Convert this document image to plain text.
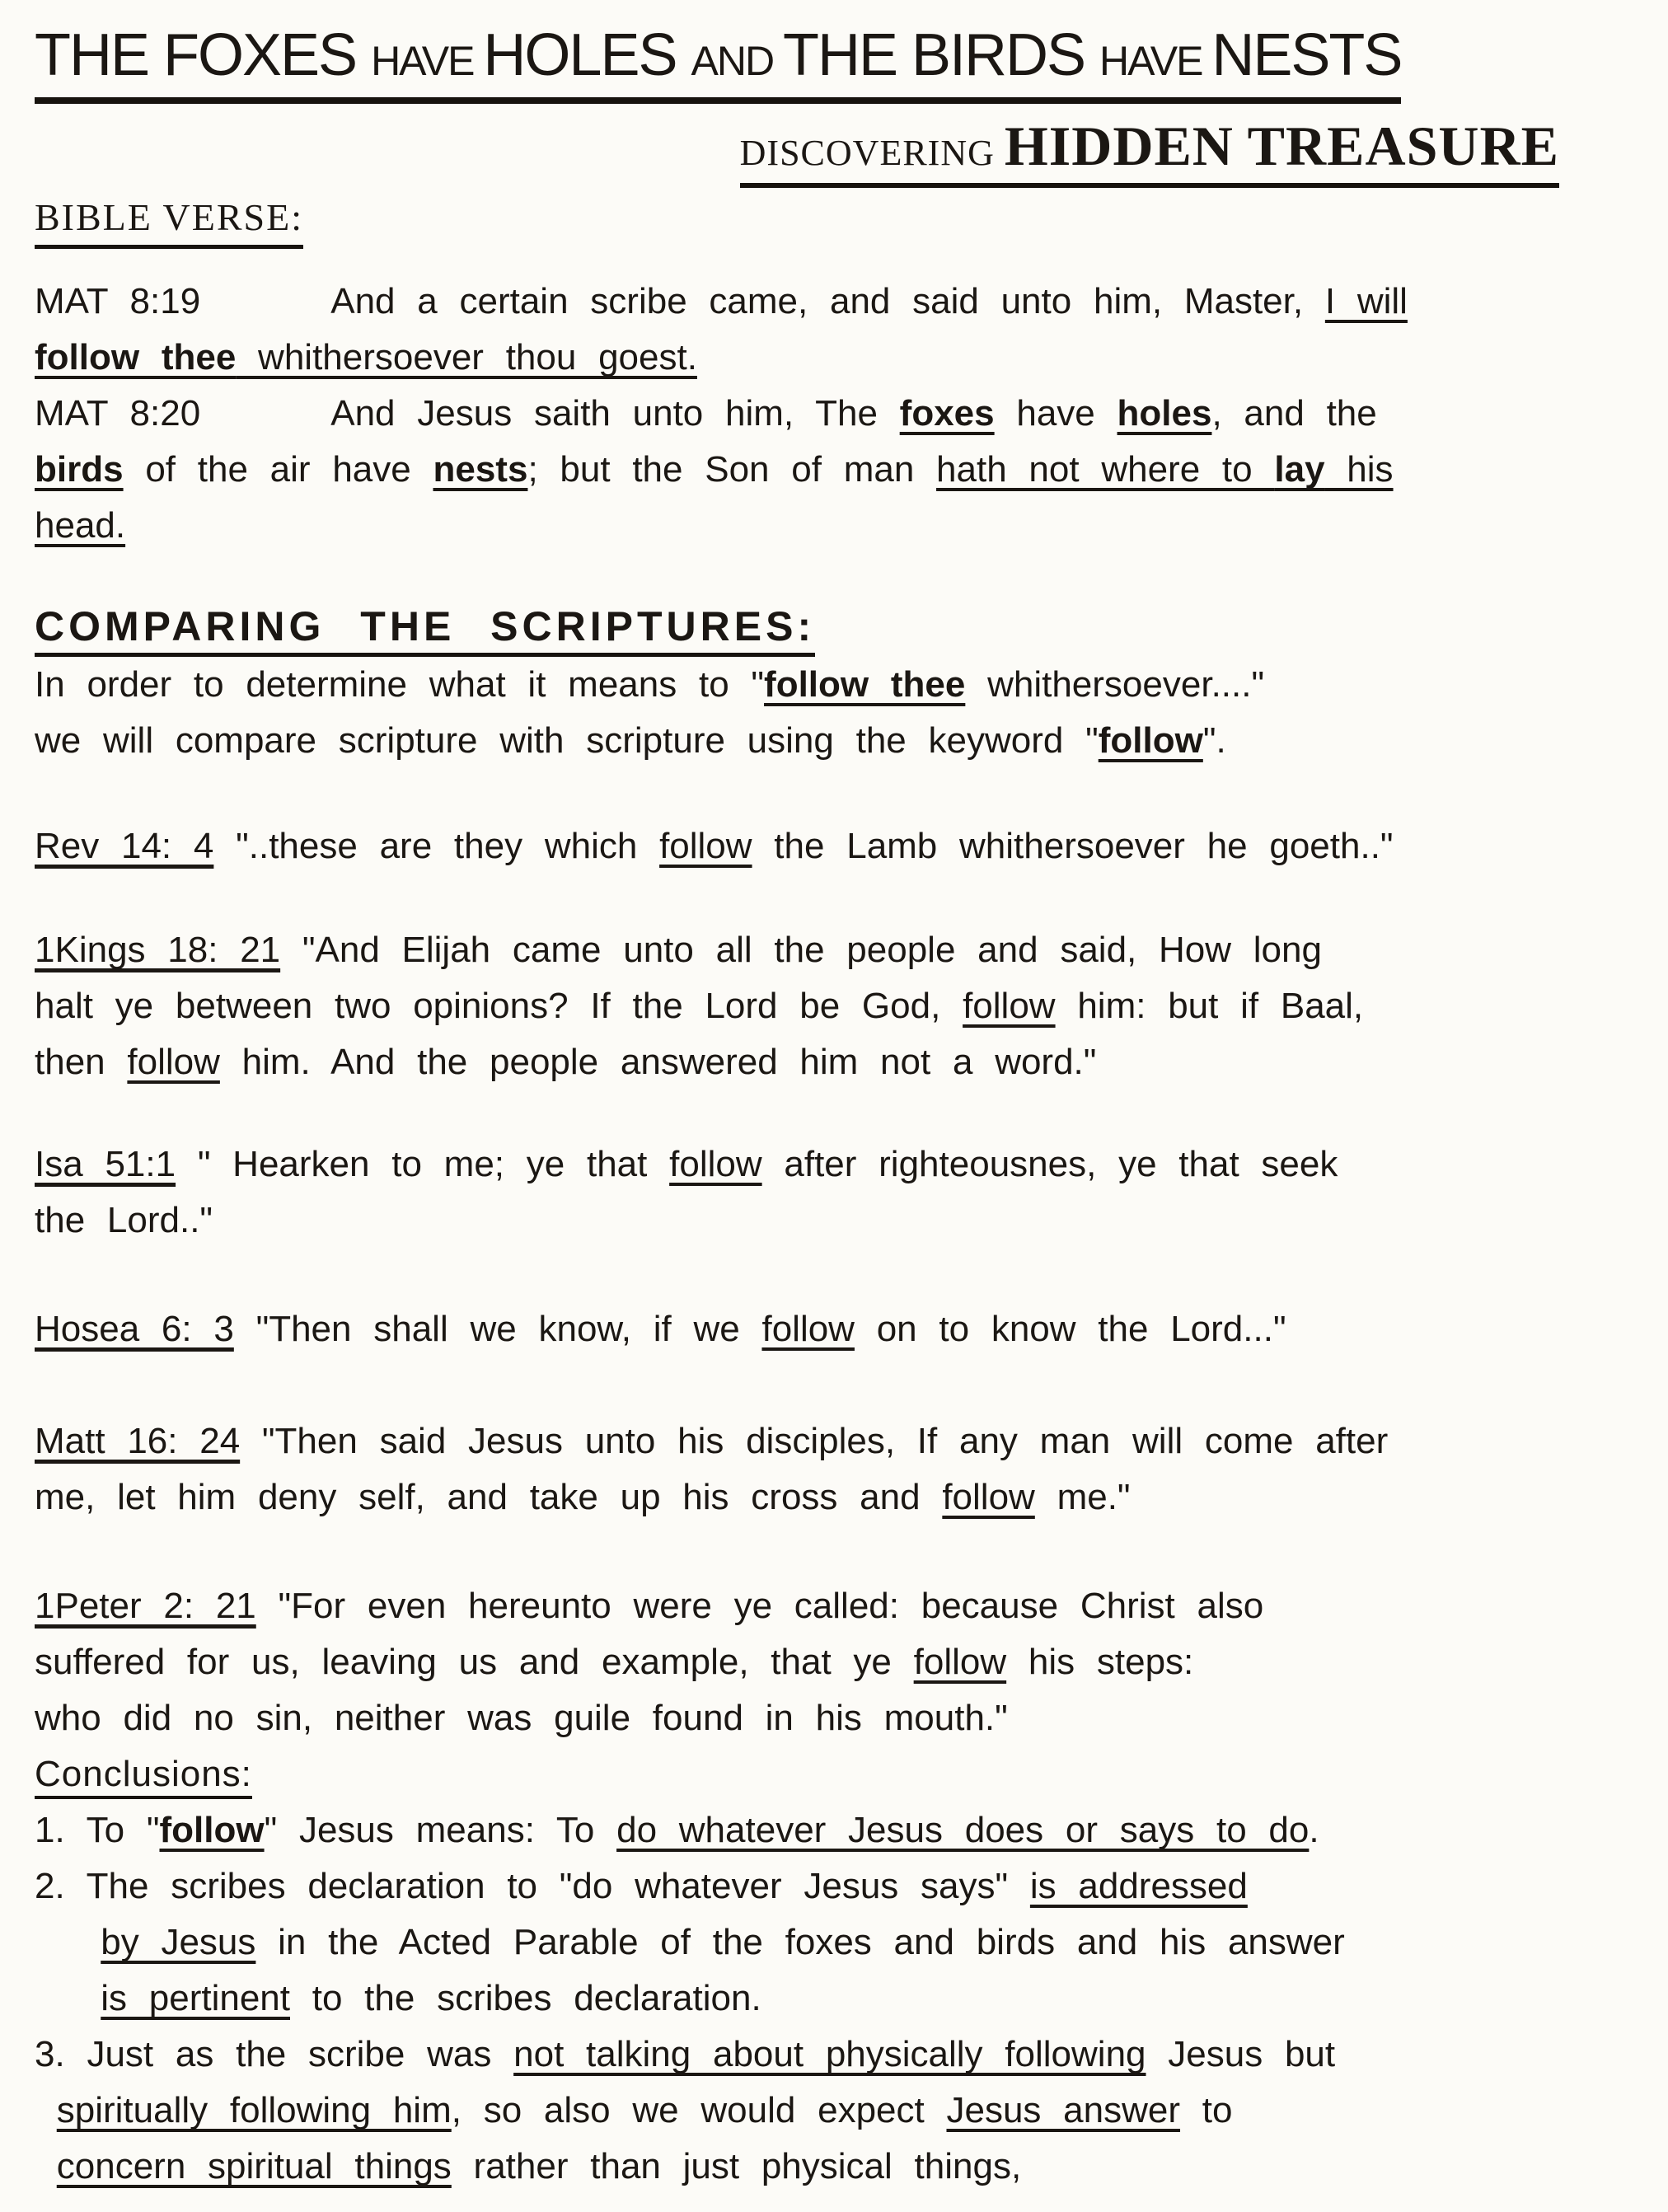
THE FOXES HAVE HOLES AND THE BIRDS HAVE NESTS
DISCOVERING HIDDEN TREASURE
BIBLE VERSE:
MAT 8:19      And a certain scribe came, and said unto him, Master, I will
follow thee whithersoever thou goest.
MAT 8:20      And Jesus saith unto him, The foxes have holes, and the
birds of the air have nests; but the Son of man hath not where to lay his
head.
COMPARING THE SCRIPTURES:
In order to determine what it means to "follow thee whithersoever...."
we will compare scripture with scripture using the keyword "follow".
Rev 14: 4 "..these are they which follow the Lamb whithersoever he goeth.."
1Kings 18: 21 "And Elijah came unto all the people and said, How long
halt ye between two opinions? If the Lord be God, follow him: but if Baal,
then follow him. And the people answered him not a word."
Isa 51:1 " Hearken to me; ye that follow after righteousnes, ye that seek
the Lord.."
Hosea 6: 3 "Then shall we know, if we follow on to know the Lord..."
Matt 16: 24 "Then said Jesus unto his disciples, If any man will come after
me, let him deny self, and take up his cross and follow me."
1Peter 2: 21 "For even hereunto were ye called: because Christ also
suffered for us, leaving us and example, that ye follow his steps:
who did no sin, neither was guile found in his mouth."
Conclusions:
1. To "follow" Jesus means: To do whatever Jesus does or says to do.
2. The scribes declaration to "do whatever Jesus says" is addressed
by Jesus in the Acted Parable of the foxes and birds and his answer
is pertinent to the scribes declaration.
3. Just as the scribe was not talking about physically following Jesus but
spiritually following him, so also we would expect Jesus answer to
concern spiritual things rather than just physical things,
